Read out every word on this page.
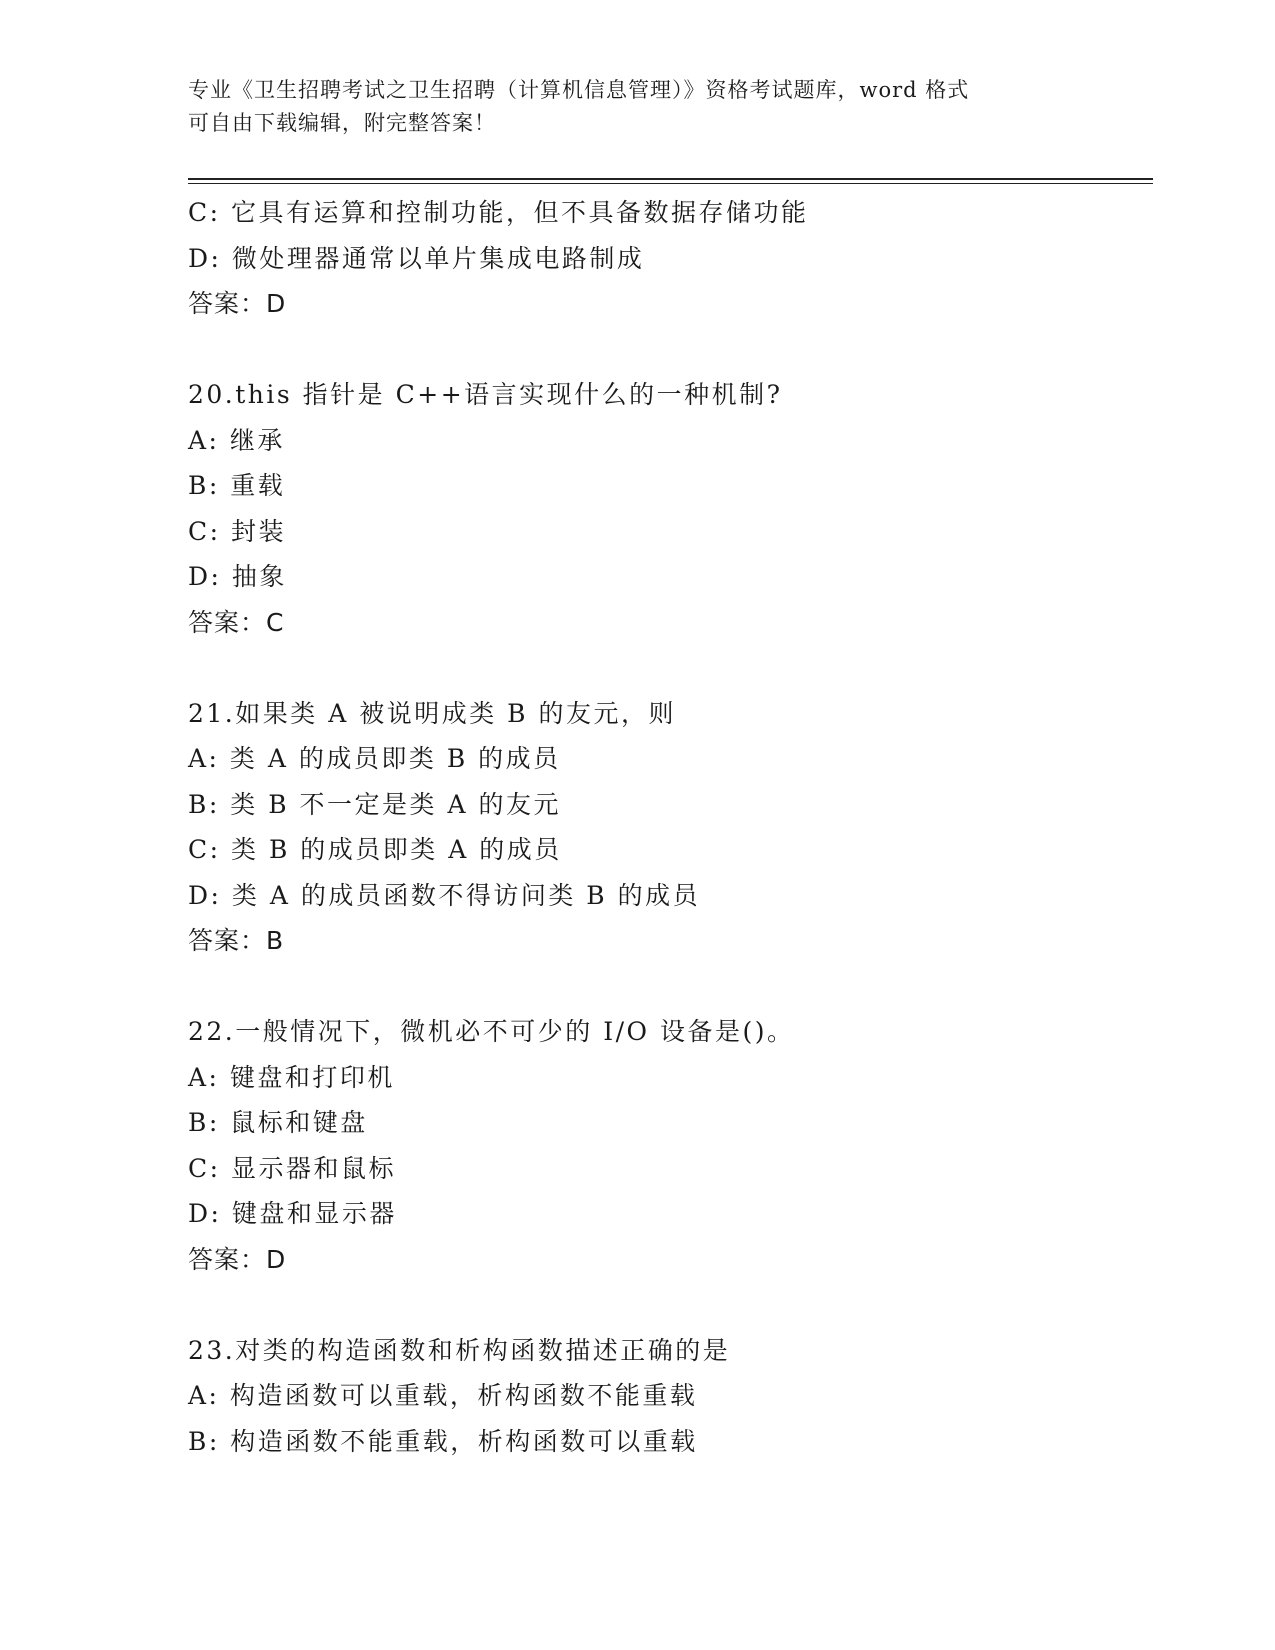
专业《卫生招聘考试之卫生招聘（计算机信息管理）》资格考试题库，word 格式
可自由下载编辑，附完整答案！
C: 它具有运算和控制功能，但不具备数据存储功能
D: 微处理器通常以单片集成电路制成
答案：D
20.this 指针是 C++语言实现什么的一种机制?
A: 继承
B: 重载
C: 封装
D: 抽象
答案：C
21.如果类 A 被说明成类 B 的友元，则
A: 类 A 的成员即类 B 的成员
B: 类 B 不一定是类 A 的友元
C: 类 B 的成员即类 A 的成员
D: 类 A 的成员函数不得访问类 B 的成员
答案：B
22.一般情况下，微机必不可少的 I/O 设备是()。
A: 键盘和打印机
B: 鼠标和键盘
C: 显示器和鼠标
D: 键盘和显示器
答案：D
23.对类的构造函数和析构函数描述正确的是
A: 构造函数可以重载，析构函数不能重载
B: 构造函数不能重载，析构函数可以重载
